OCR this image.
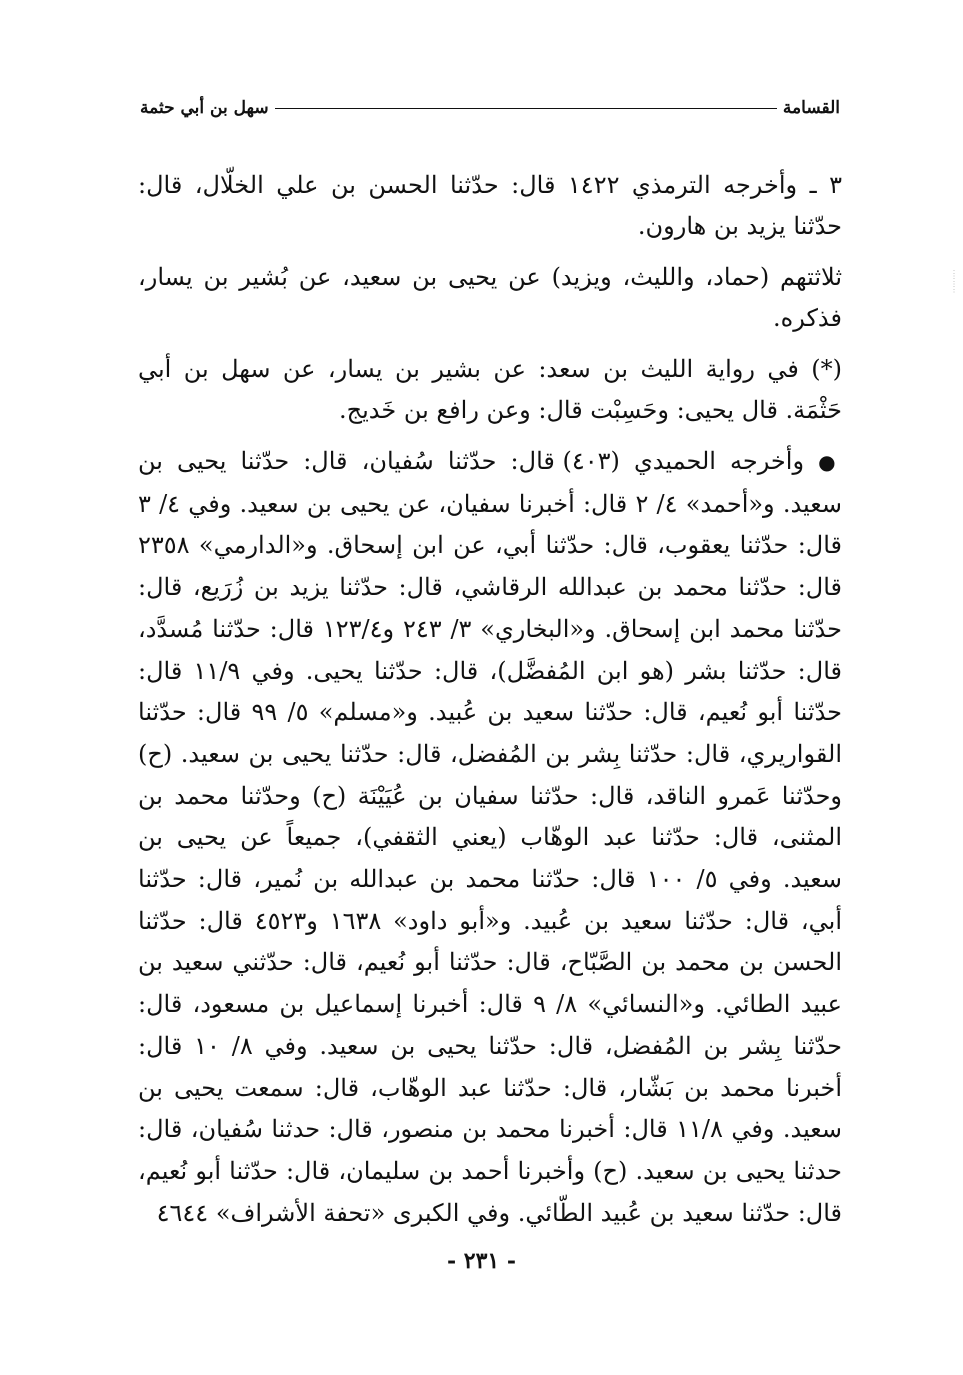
القسامة
سهل بن أبي حثمة

٣ ـ وأخرجه الترمذي ١٤٢٢ قال: حدّثنا الحسن بن علي الخلّال، قال: حدّثنا يزيد بن هارون.

ثلاثتهم (حماد، والليث، ويزيد) عن يحيى بن سعيد، عن بُشير بن يسار، فذكره.

(*) في رواية الليث بن سعد: عن بشير بن يسار، عن سهل بن أبي حَثْمَة. قال يحيى: وحَسِبْت قال: وعن رافع بن خَديج.

● وأخرجه الحميدي (٤٠٣) قال: حدّثنا سُفيان، قال: حدّثنا يحيى بن سعيد. و«أحمد» ٤/ ٢ قال: أخبرنا سفيان، عن يحيى بن سعيد. وفي ٤/ ٣ قال: حدّثنا يعقوب، قال: حدّثنا أبي، عن ابن إسحاق. و«الدارمي» ٢٣٥٨ قال: حدّثنا محمد بن عبدالله الرقاشي، قال: حدّثنا يزيد بن زُرَيع، قال: حدّثنا محمد ابن إسحاق. و«البخاري» ٣/ ٢٤٣ و١٢٣/٤ قال: حدّثنا مُسدَّد، قال: حدّثنا بشر (هو ابن المُفضَّل)، قال: حدّثنا يحيى. وفي ١١/٩ قال: حدّثنا أبو نُعيم، قال: حدّثنا سعيد بن عُبيد. و«مسلم» ٥/ ٩٩ قال: حدّثنا القواريري، قال: حدّثنا بِشر بن المُفضل، قال: حدّثنا يحيى بن سعيد. (ح) وحدّثنا عَمرو الناقد، قال: حدّثنا سفيان بن عُيَيْنَة (ح) وحدّثنا محمد بن المثنى، قال: حدّثنا عبد الوهّاب (يعني الثقفي)، جميعاً عن يحيى بن سعيد. وفي ٥/ ١٠٠ قال: حدّثنا محمد بن عبدالله بن نُمير، قال: حدّثنا أبي، قال: حدّثنا سعيد بن عُبيد. و«أبو داود» ١٦٣٨ و٤٥٢٣ قال: حدّثنا الحسن بن محمد بن الصَّبّاح، قال: حدّثنا أبو نُعيم، قال: حدّثني سعيد بن عبيد الطائي. و«النسائي» ٨/ ٩ قال: أخبرنا إسماعيل بن مسعود، قال: حدّثنا بِشر بن المُفضل، قال: حدّثنا يحيى بن سعيد. وفي ٨/ ١٠ قال: أخبرنا محمد بن بَشّار، قال: حدّثنا عبد الوهّاب، قال: سمعت يحيى بن سعيد. وفي ١١/٨ قال: أخبرنا محمد بن منصور، قال: حدثنا سُفيان، قال: حدثنا يحيى بن سعيد. (ح) وأخبرنا أحمد بن سليمان، قال: حدّثنا أبو نُعيم، قال: حدّثنا سعيد بن عُبيد الطّائي. وفي الكبرى «تحفة الأشراف» ٤٦٤٤

- ٢٣١ -
⋮
⋮
⋮
